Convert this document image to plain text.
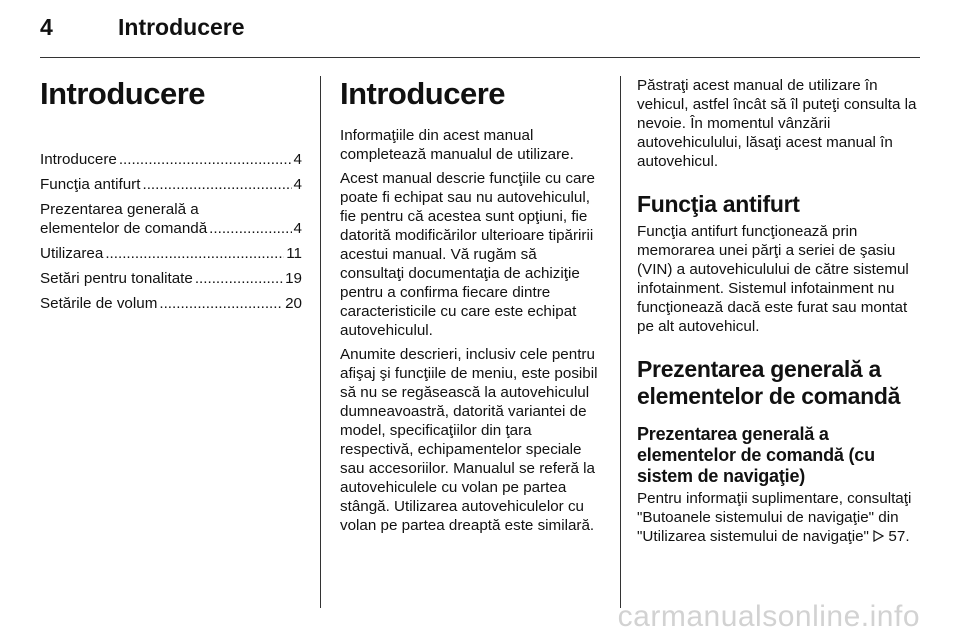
4	Introducere
Introducere
Introducere .....	4
Funcţia antifurt .....	4
Prezentarea generală a
elementelor de comandă .....	4
Utilizarea .....	11
Setări pentru tonalitate .....	19
Setările de volum .....	20
Introducere

Informaţiile din acest manual completează manualul de utilizare.

Acest manual descrie funcţiile cu care poate fi echipat sau nu autovehiculul, fie pentru că acestea sunt opţiuni, fie datorită modificărilor ulterioare tipăririi acestui manual. Vă rugăm să consultaţi documentaţia de achiziţie pentru a confirma fiecare dintre caracteristicile cu care este echipat autovehiculul.

Anumite descrieri, inclusiv cele pentru afişaj şi funcţiile de meniu, este posibil să nu se regăsească la autovehiculul dumneavoastră, datorită variantei de model, specificaţiilor din ţara respectivă, echipamentelor speciale sau accesoriilor. Manualul se referă la autovehiculele cu volan pe partea stângă. Utilizarea autovehiculelor cu volan pe partea dreaptă este similară.

Păstraţi acest manual de utilizare în vehicul, astfel încât să îl puteţi consulta la nevoie. În momentul vânzării autovehiculului, lăsaţi acest manual în autovehicul.

Funcţia antifurt

Funcţia antifurt funcţionează prin memorarea unei părţi a seriei de şasiu (VIN) a autovehiculului de către sistemul infotainment. Sistemul infotainment nu funcţionează dacă este furat sau montat pe alt autovehicul.

Prezentarea generală a elementelor de comandă
Prezentarea generală a elementelor de comandă (cu sistem de navigaţie)

Pentru informaţii suplimentare, consultaţi "Butoanele sistemului de navigaţie" din "Utilizarea sistemului de navigaţie" 57.

carmanualsonline.info
